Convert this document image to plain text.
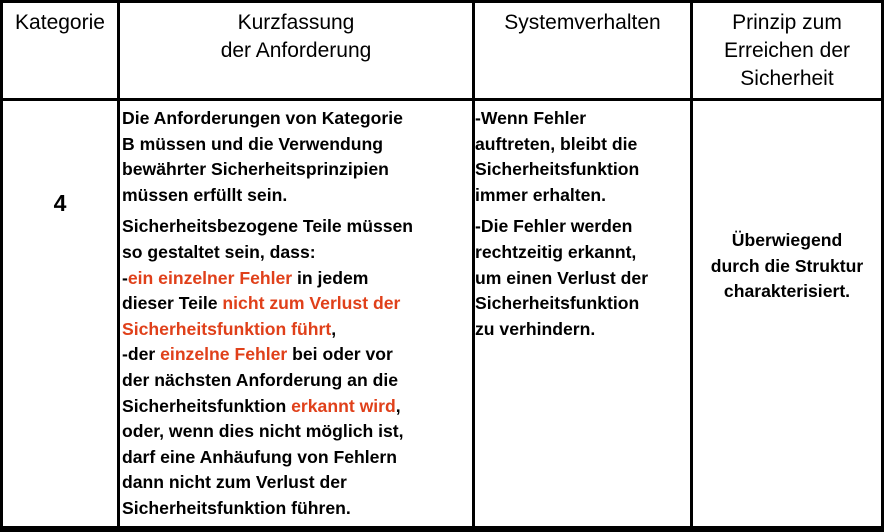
Kategorie	Kurzfassung
der Anforderung
Systemverhalten	Prinzip zum
Erreichen der
Sicherheit
4

Die Anforderungen von Kategorie
B müssen und die Verwendung
bewährter Sicherheitsprinzipien
müssen erfüllt sein.

Sicherheitsbezogene Teile müssen
so gestaltet sein, dass:
-ein einzelner Fehler in jedem
dieser Teile nicht zum Verlust der
Sicherheitsfunktion führt,
-der einzelne Fehler bei oder vor
der nächsten Anforderung an die
Sicherheitsfunktion erkannt wird,
oder, wenn dies nicht möglich ist,
darf eine Anhäufung von Fehlern
dann nicht zum Verlust der
Sicherheitsfunktion führen.

-Wenn Fehler
auftreten, bleibt die
Sicherheitsfunktion
immer erhalten.

-Die Fehler werden
rechtzeitig erkannt,
um einen Verlust der
Sicherheitsfunktion
zu verhindern.

Überwiegend
durch die Struktur
charakterisiert.
